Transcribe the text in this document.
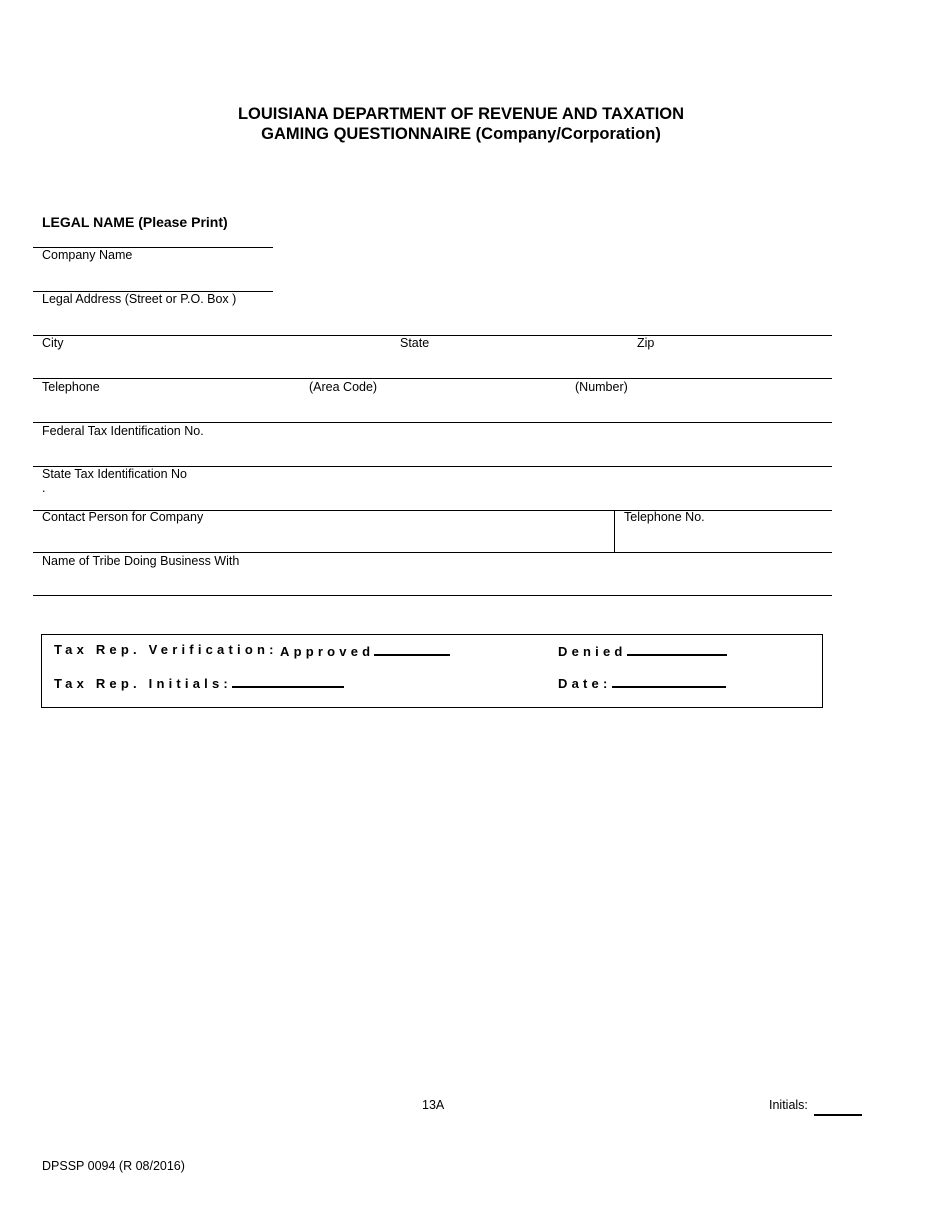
LOUISIANA DEPARTMENT OF REVENUE AND TAXATION
GAMING QUESTIONNAIRE (Company/Corporation)
LEGAL NAME (Please Print)
Company Name
Legal Address (Street or P.O. Box )
City	State	Zip
Telephone	(Area Code)	(Number)
Federal Tax Identification No.
State Tax Identification No
.
Contact Person for Company	Telephone No.
Name of Tribe Doing Business With
Tax Rep. Verification: Approved	Denied
Tax Rep. Initials:	Date:
13A	Initials:
DPSSP 0094 (R 08/2016)
